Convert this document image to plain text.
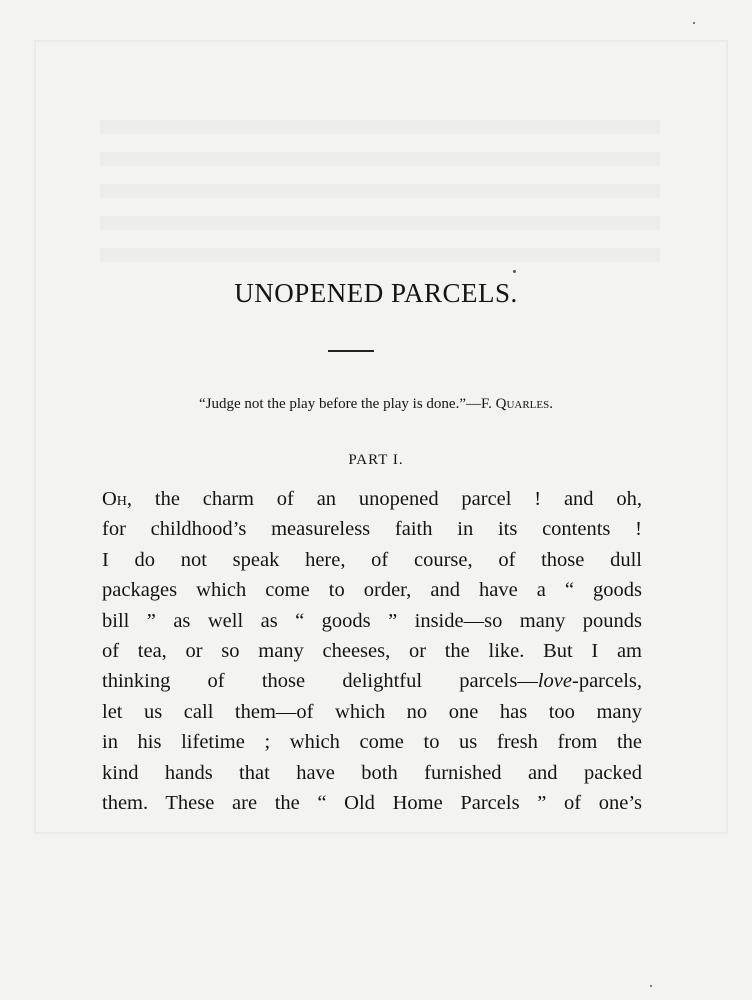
UNOPENED PARCELS.

“Judge not the play before the play is done.”—F. Quarles.

PART I.

Oh, the charm of an unopened parcel ! and oh,
for childhood’s measureless faith in its contents !
I do not speak here, of course, of those dull
packages which come to order, and have a “ goods
bill ” as well as “ goods ” inside—so many pounds
of tea, or so many cheeses, or the like. But I am
thinking of those delightful parcels—love-parcels,
let us call them—of which no one has too many
in his lifetime ; which come to us fresh from the
kind hands that have both furnished and packed
them. These are the “ Old Home Parcels ” of one’s
